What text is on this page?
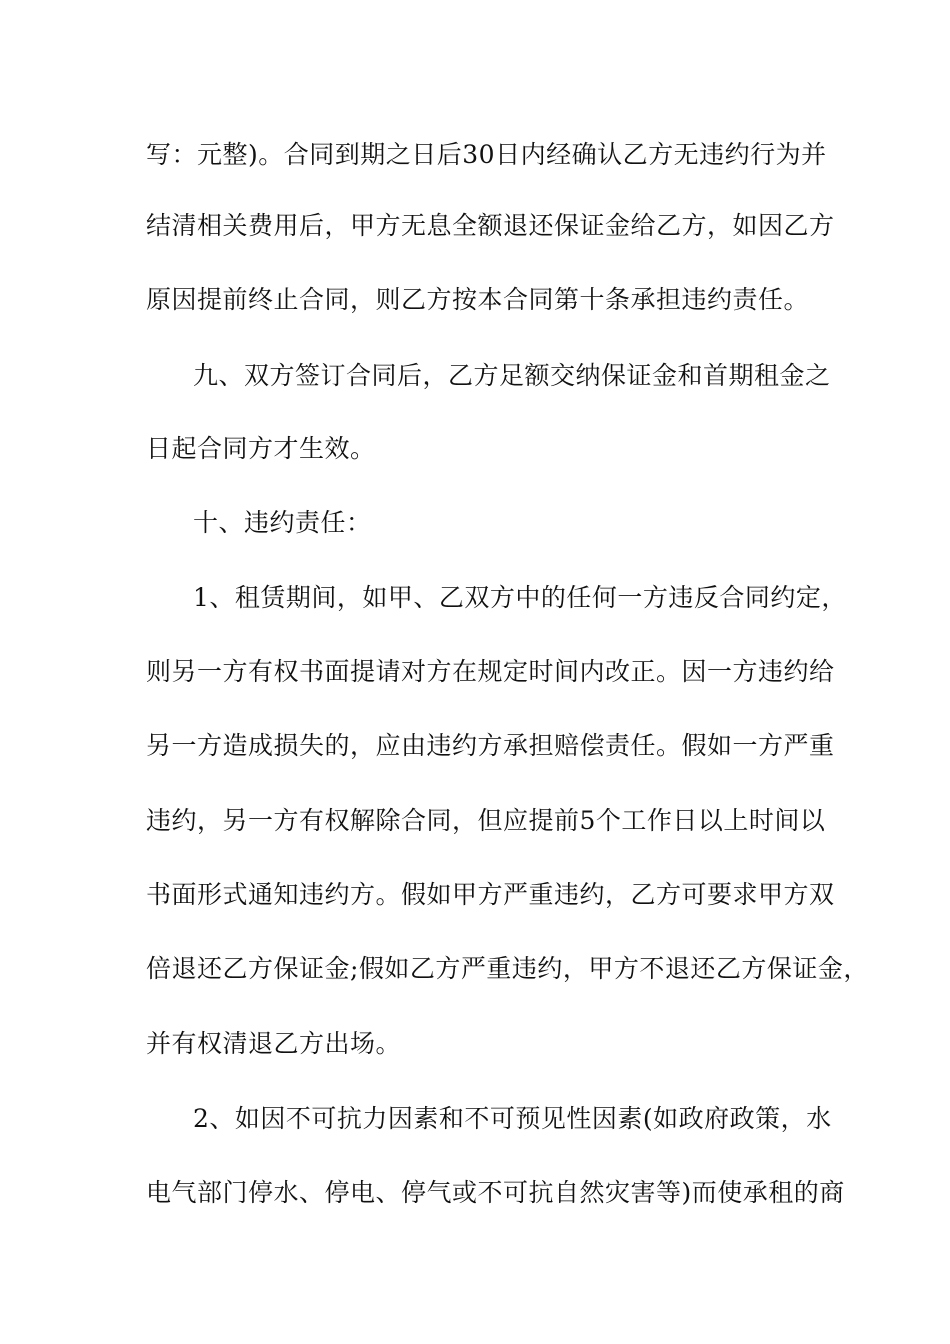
写：元整)。合同到期之日后30日内经确认乙方无违约行为并
结清相关费用后，甲方无息全额退还保证金给乙方，如因乙方
原因提前终止合同，则乙方按本合同第十条承担违约责任。
九、双方签订合同后，乙方足额交纳保证金和首期租金之
日起合同方才生效。
十、违约责任：
1、租赁期间，如甲、乙双方中的任何一方违反合同约定，
则另一方有权书面提请对方在规定时间内改正。因一方违约给
另一方造成损失的，应由违约方承担赔偿责任。假如一方严重
违约，另一方有权解除合同，但应提前5个工作日以上时间以
书面形式通知违约方。假如甲方严重违约，乙方可要求甲方双
倍退还乙方保证金;假如乙方严重违约，甲方不退还乙方保证金，
并有权清退乙方出场。
2、如因不可抗力因素和不可预见性因素(如政府政策，水
电气部门停水、停电、停气或不可抗自然灾害等)而使承租的商
